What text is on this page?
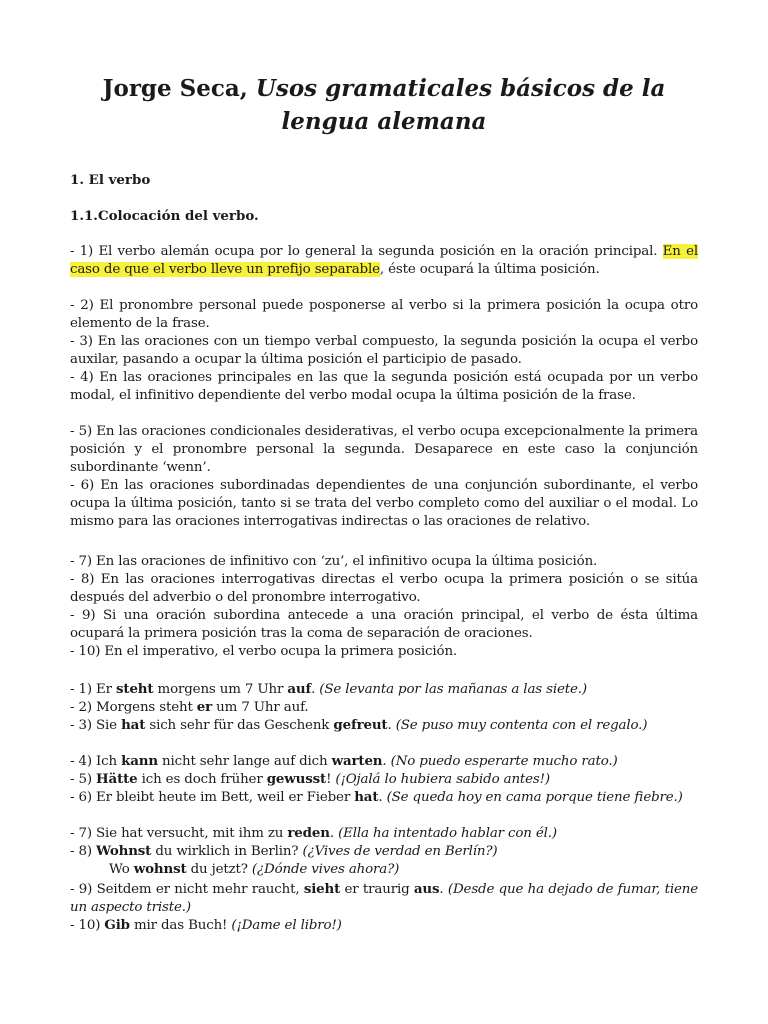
Jorge Seca, Usos gramaticales básicos de la lengua alemana
1. El verbo
1.1.Colocación del verbo.

- 1) El verbo alemán ocupa por lo general la segunda posición en la oración principal. En el caso de que el verbo lleve un prefijo separable, éste ocupará la última posición.

- 2) El pronombre personal puede posponerse al verbo si la primera posición la ocupa otro elemento de la frase.

- 3) En las oraciones con un tiempo verbal compuesto, la segunda posición la ocupa el verbo auxilar, pasando a ocupar la última posición el participio de pasado.

- 4) En las oraciones principales en las que la segunda posición está ocupada por un verbo modal, el infinitivo dependiente del verbo modal ocupa la última posición de la frase.

- 5) En las oraciones condicionales desiderativas, el verbo ocupa excepcionalmente la primera posición y el pronombre personal la segunda. Desaparece en este caso la conjunción subordinante ‘wenn’.

- 6) En las oraciones subordinadas dependientes de una conjunción subordinante, el verbo ocupa la última posición, tanto si se trata del verbo completo como del auxiliar o el modal. Lo mismo para las oraciones interrogativas indirectas o las oraciones de relativo.

- 7) En las oraciones de infinitivo con ‘zu’, el infinitivo ocupa la última posición.

- 8) En las oraciones interrogativas directas el verbo ocupa la primera posición o se sitúa después del adverbio o del pronombre interrogativo.

- 9) Si una oración subordina antecede a una oración principal, el verbo de ésta última ocupará la primera posición tras la coma de separación de oraciones.

- 10) En el imperativo, el verbo ocupa la primera posición.

- 1) Er steht morgens um 7 Uhr auf. (Se levanta por las mañanas a las siete.)

- 2) Morgens steht er um 7 Uhr auf.

- 3) Sie hat sich sehr für das Geschenk gefreut. (Se puso muy contenta con el regalo.)

- 4) Ich kann nicht sehr lange auf dich warten. (No puedo esperarte mucho rato.)

- 5) Hätte ich es doch früher gewusst! (¡Ojalá lo hubiera sabido antes!)

- 6) Er bleibt heute im Bett, weil er Fieber hat. (Se queda hoy en cama porque tiene fiebre.)

- 7) Sie hat versucht, mit ihm zu reden. (Ella ha intentado hablar con él.)

- 8) Wohnst du wirklich in Berlin? (¿Vives de verdad en Berlín?)

Wo wohnst du jetzt? (¿Dónde vives ahora?)

- 9) Seitdem er nicht mehr raucht, sieht er traurig aus. (Desde que ha dejado de fumar, tiene un aspecto triste.)

- 10) Gib mir das Buch! (¡Dame el libro!)
